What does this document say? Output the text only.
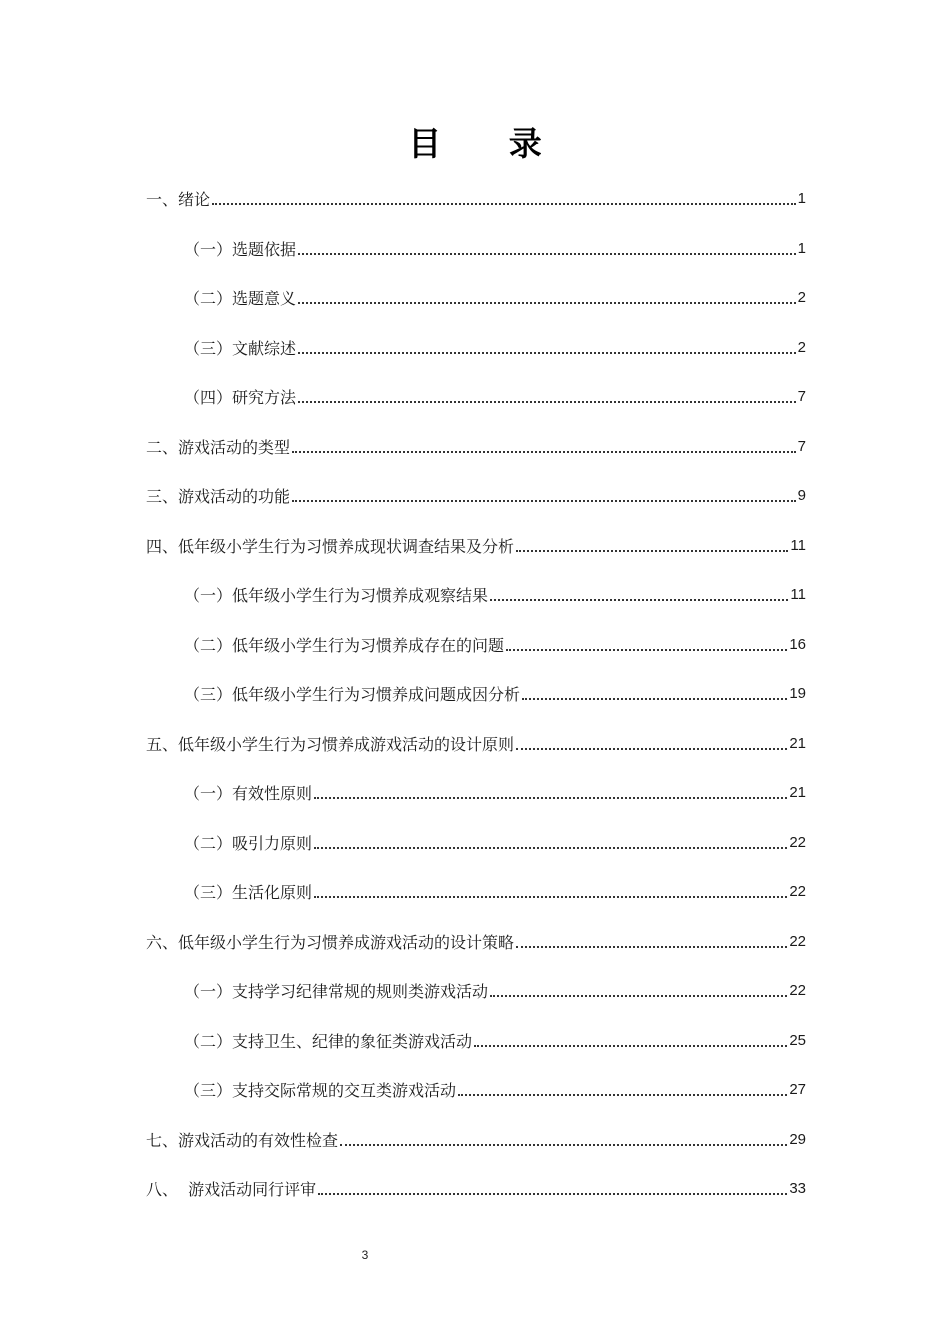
目 录
一、绪论	1
（一）选题依据	1
（二）选题意义	2
（三）文献综述	2
（四）研究方法	7
二、游戏活动的类型	7
三、游戏活动的功能	9
四、低年级小学生行为习惯养成现状调查结果及分析	11
（一）低年级小学生行为习惯养成观察结果	11
（二）低年级小学生行为习惯养成存在的问题	16
（三）低年级小学生行为习惯养成问题成因分析	19
五、低年级小学生行为习惯养成游戏活动的设计原则	21
（一）有效性原则	21
（二）吸引力原则	22
（三）生活化原则	22
六、低年级小学生行为习惯养成游戏活动的设计策略	22
（一）支持学习纪律常规的规则类游戏活动	22
（二）支持卫生、纪律的象征类游戏活动	25
（三）支持交际常规的交互类游戏活动	27
七、游戏活动的有效性检查	29
八、  游戏活动同行评审	33
3
